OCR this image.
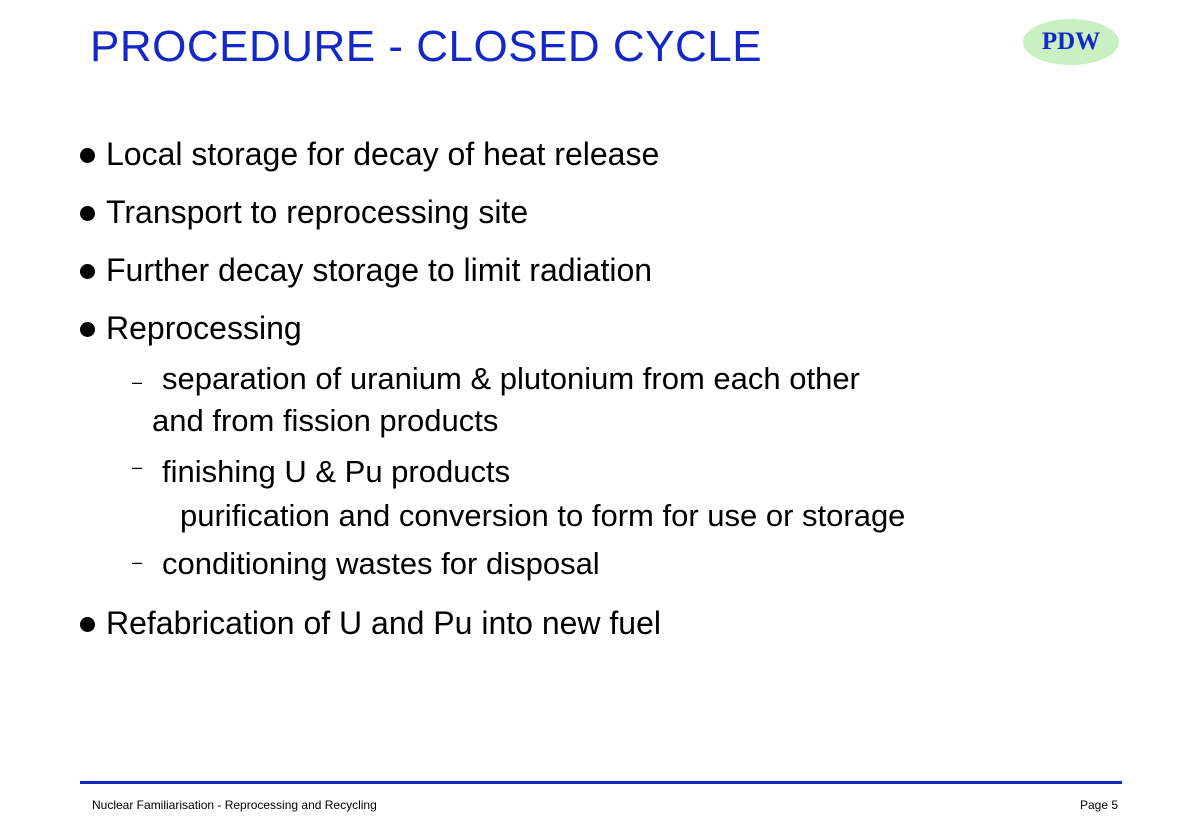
PROCEDURE - CLOSED CYCLE	PDW
Local storage for decay of heat release
Transport to reprocessing site
Further decay storage to limit radiation
Reprocessing
– separation of uranium & plutonium from each other
and from fission products
– finishing U & Pu products
purification and conversion to form for use or storage
– conditioning wastes for disposal
Refabrication of U and Pu into new fuel
Nuclear Familiarisation - Reprocessing and Recycling	Page 5
